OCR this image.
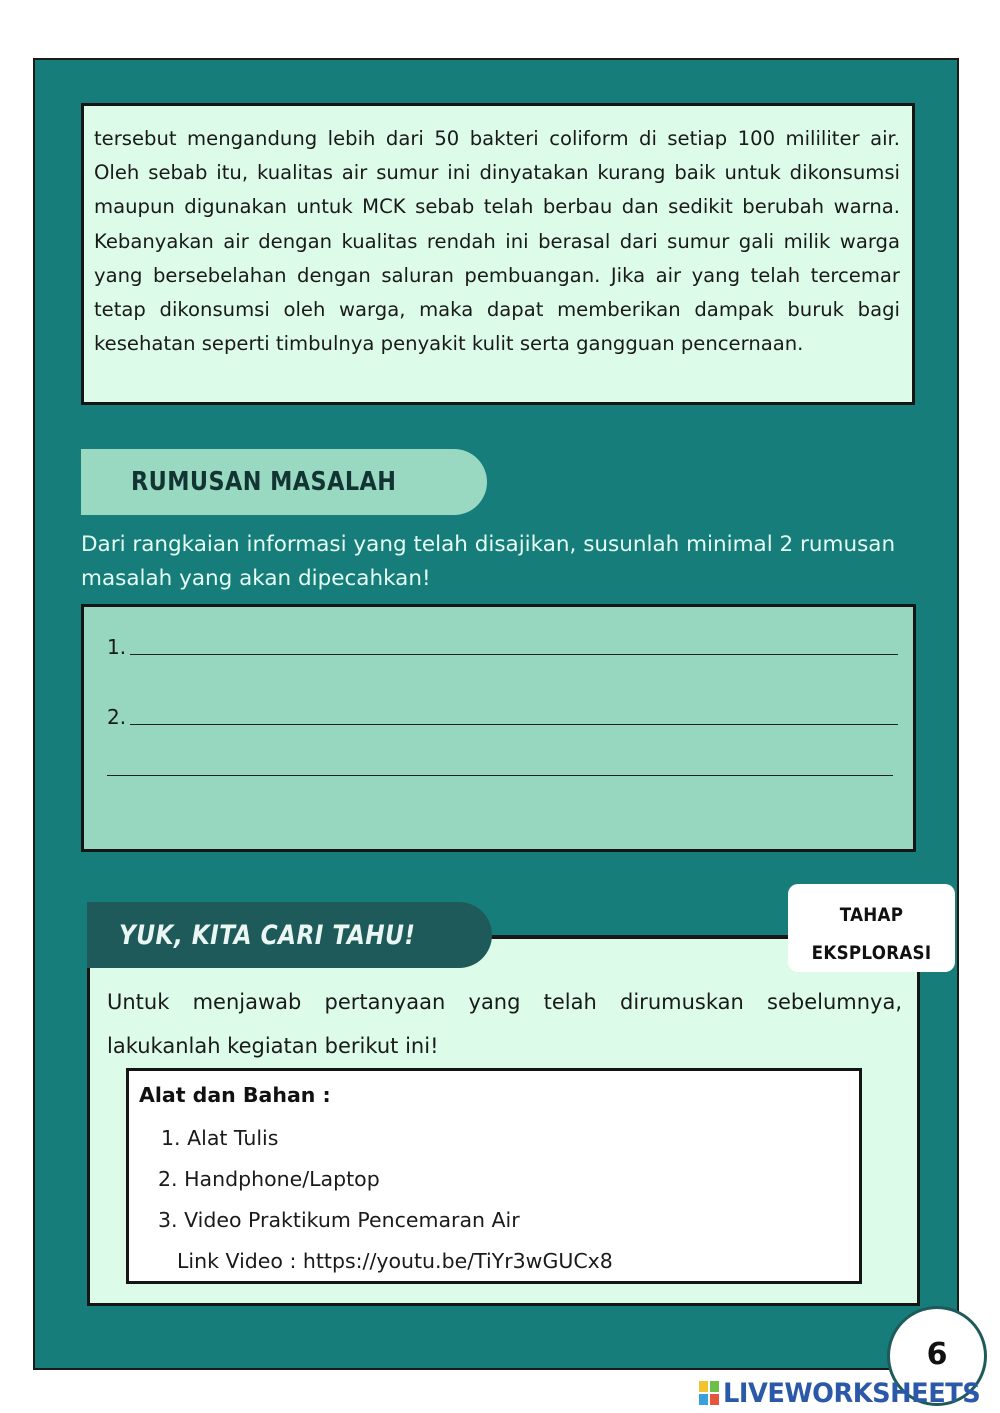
tersebut mengandung lebih dari 50 bakteri coliform di setiap 100 mililiter air. Oleh sebab itu, kualitas air sumur ini dinyatakan kurang baik untuk dikonsumsi maupun digunakan untuk MCK sebab telah berbau dan sedikit berubah warna. Kebanyakan air dengan kualitas rendah ini berasal dari sumur gali milik warga yang bersebelahan dengan saluran pembuangan. Jika air yang telah tercemar tetap dikonsumsi oleh warga, maka dapat memberikan dampak buruk bagi kesehatan seperti timbulnya penyakit kulit serta gangguan pencernaan.

RUMUSAN MASALAH

Dari rangkaian informasi yang telah disajikan, susunlah minimal 2 rumusan masalah yang akan dipecahkan!

1.
2.
YUK, KITA CARI TAHU!
TAHAP
EKSPLORASI

Untuk menjawab pertanyaan yang telah dirumuskan sebelumnya, lakukanlah kegiatan berikut ini!

Alat dan Bahan :
1. Alat Tulis
2. Handphone/Laptop
3. Video Praktikum Pencemaran Air
Link Video : https://youtu.be/TiYr3wGUCx8
6
LIVEWORKSHEETS
